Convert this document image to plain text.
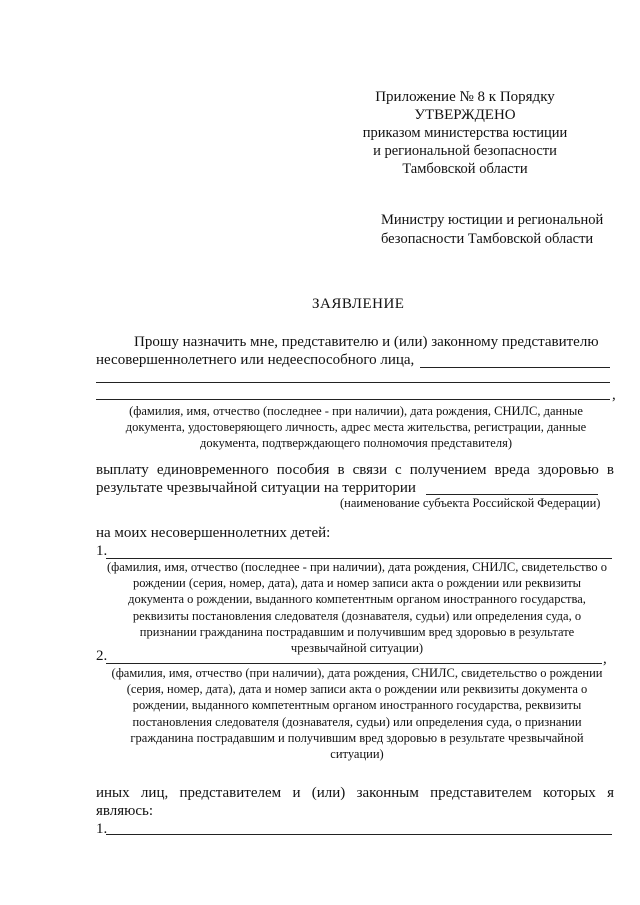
Приложение № 8 к Порядку
УТВЕРЖДЕНО
приказом министерства юстиции
и региональной безопасности
Тамбовской области
Министру юстиции и региональной
безопасности Тамбовской области
ЗАЯВЛЕНИЕ
Прошу назначить мне, представителю и (или) законному представителю
несовершеннолетнего или недееспособного лица,
,
(фамилия, имя, отчество (последнее - при наличии), дата рождения, СНИЛС, данные
документа, удостоверяющего личность, адрес места жительства, регистрации, данные
документа, подтверждающего полномочия представителя)
выплату единовременного пособия в связи с получением вреда здоровью в
результате чрезвычайной ситуации на территории
(наименование субъекта Российской Федерации)
на моих несовершеннолетних детей:
1.
(фамилия, имя, отчество (последнее - при наличии), дата рождения, СНИЛС, свидетельство о
рождении (серия, номер, дата), дата и номер записи акта о рождении или реквизиты
документа о рождении, выданного компетентным органом иностранного государства,
реквизиты постановления следователя (дознавателя, судьи) или определения суда, о
признании гражданина пострадавшим и получившим вред здоровью в результате
чрезвычайной ситуации)
2.	,
(фамилия, имя, отчество (при наличии), дата рождения, СНИЛС, свидетельство о рождении
(серия, номер, дата), дата и номер записи акта о рождении или реквизиты документа о
рождении, выданного компетентным органом иностранного государства, реквизиты
постановления следователя (дознавателя, судьи) или определения суда, о признании
гражданина пострадавшим и получившим вред здоровью в результате чрезвычайной
ситуации)
иных лиц, представителем и (или) законным представителем которых я
являюсь:
1.
